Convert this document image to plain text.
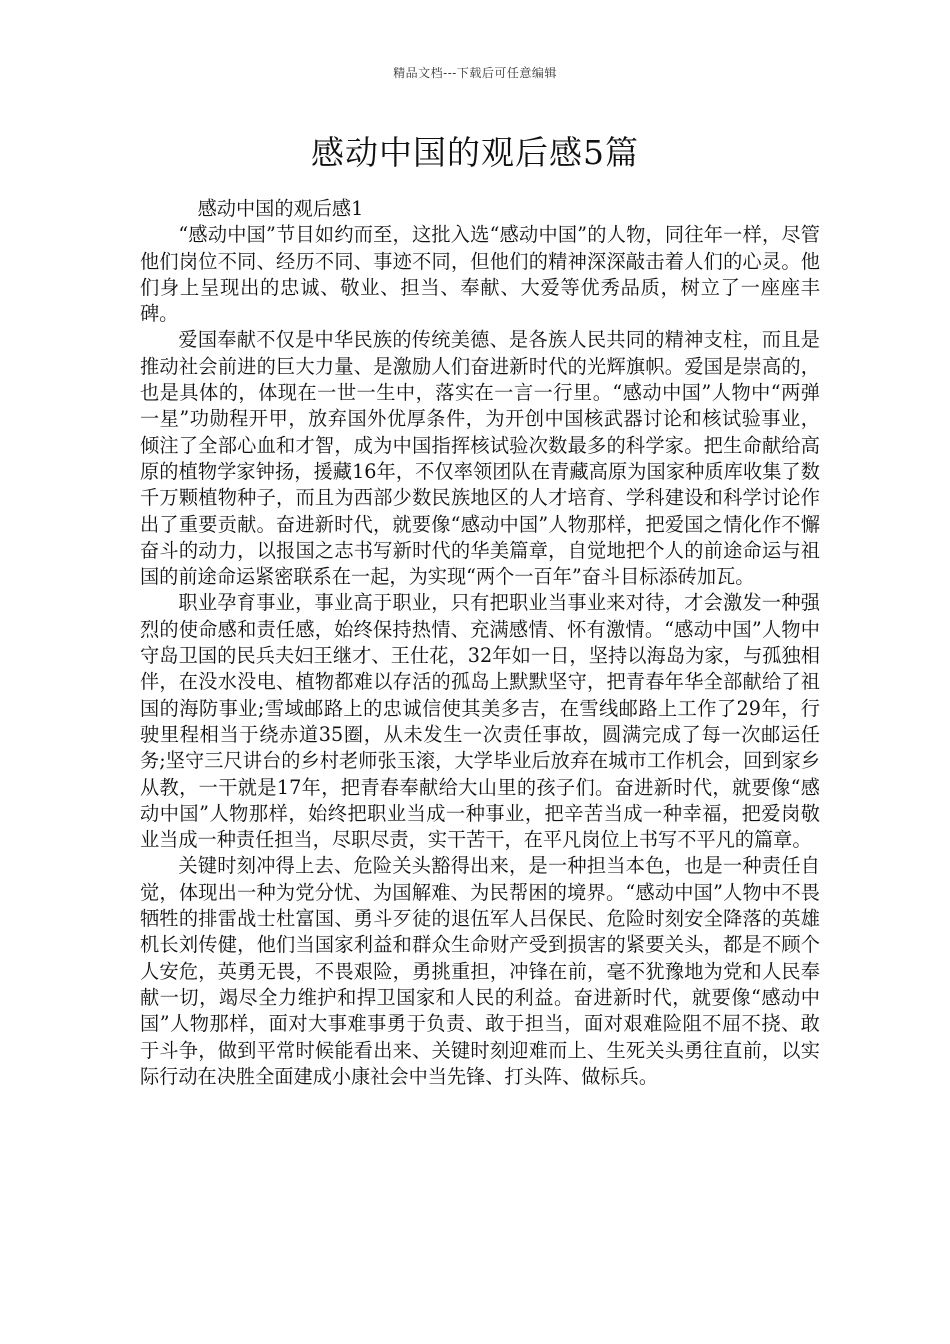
精品文档---下载后可任意编辑
感动中国的观后感5篇

感动中国的观后感1

“感动中国”节目如约而至，这批入选“感动中国”的人物，同往年一样，尽管他们岗位不同、经历不同、事迹不同，但他们的精神深深敲击着人们的心灵。他们身上呈现出的忠诚、敬业、担当、奉献、大爱等优秀品质，树立了一座座丰碑。

爱国奉献不仅是中华民族的传统美德、是各族人民共同的精神支柱，而且是推动社会前进的巨大力量、是激励人们奋进新时代的光辉旗帜。爱国是崇高的，也是具体的，体现在一世一生中，落实在一言一行里。“感动中国”人物中“两弹一星”功勋程开甲，放弃国外优厚条件，为开创中国核武器讨论和核试验事业，倾注了全部心血和才智，成为中国指挥核试验次数最多的科学家。把生命献给高原的植物学家钟扬，援藏16年，不仅率领团队在青藏高原为国家种质库收集了数千万颗植物种子，而且为西部少数民族地区的人才培育、学科建设和科学讨论作出了重要贡献。奋进新时代，就要像“感动中国”人物那样，把爱国之情化作不懈奋斗的动力，以报国之志书写新时代的华美篇章，自觉地把个人的前途命运与祖国的前途命运紧密联系在一起，为实现“两个一百年”奋斗目标添砖加瓦。

职业孕育事业，事业高于职业，只有把职业当事业来对待，才会激发一种强烈的使命感和责任感，始终保持热情、充满感情、怀有激情。“感动中国”人物中守岛卫国的民兵夫妇王继才、王仕花，32年如一日，坚持以海岛为家，与孤独相伴，在没水没电、植物都难以存活的孤岛上默默坚守，把青春年华全部献给了祖国的海防事业;雪域邮路上的忠诚信使其美多吉，在雪线邮路上工作了29年，行驶里程相当于绕赤道35圈，从未发生一次责任事故，圆满完成了每一次邮运任务;坚守三尺讲台的乡村老师张玉滚，大学毕业后放弃在城市工作机会，回到家乡从教，一干就是17年，把青春奉献给大山里的孩子们。奋进新时代，就要像“感动中国”人物那样，始终把职业当成一种事业，把辛苦当成一种幸福，把爱岗敬业当成一种责任担当，尽职尽责，实干苦干，在平凡岗位上书写不平凡的篇章。

关键时刻冲得上去、危险关头豁得出来，是一种担当本色，也是一种责任自觉，体现出一种为党分忧、为国解难、为民帮困的境界。“感动中国”人物中不畏牺牲的排雷战士杜富国、勇斗歹徒的退伍军人吕保民、危险时刻安全降落的英雄机长刘传健，他们当国家利益和群众生命财产受到损害的紧要关头，都是不顾个人安危，英勇无畏，不畏艰险，勇挑重担，冲锋在前，毫不犹豫地为党和人民奉献一切，竭尽全力维护和捍卫国家和人民的利益。奋进新时代，就要像“感动中国”人物那样，面对大事难事勇于负责、敢于担当，面对艰难险阻不屈不挠、敢于斗争，做到平常时候能看出来、关键时刻迎难而上、生死关头勇往直前，以实际行动在决胜全面建成小康社会中当先锋、打头阵、做标兵。
